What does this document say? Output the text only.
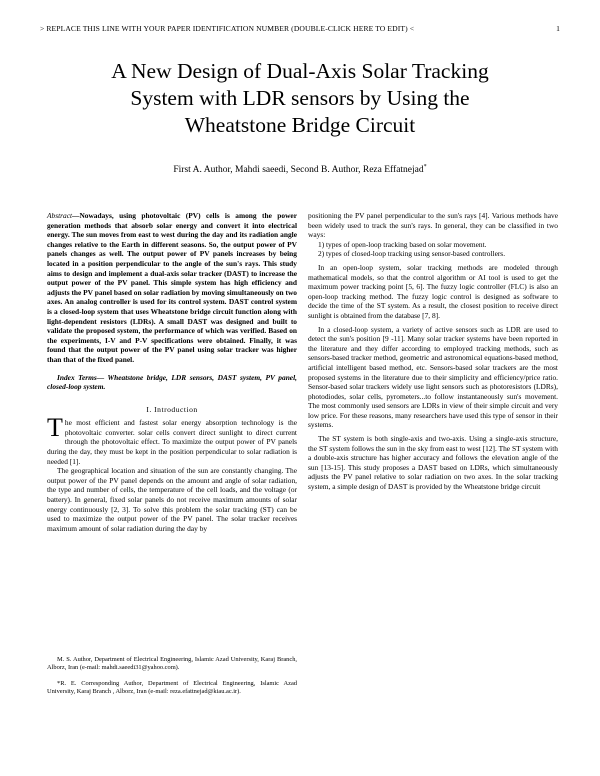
> REPLACE THIS LINE WITH YOUR PAPER IDENTIFICATION NUMBER (DOUBLE-CLICK HERE TO EDIT) <	1
A New Design of Dual-Axis Solar Tracking
System with LDR sensors by Using the
Wheatstone Bridge Circuit
First A. Author, Mahdi saeedi, Second B. Author, Reza Effatnejad*

Abstract—Nowadays, using photovoltaic (PV) cells is among the power generation methods that absorb solar energy and convert it into electrical energy. The sun moves from east to west during the day and its radiation angle changes relative to the Earth in different seasons. So, the output power of PV panels changes as well. The output power of PV panels increases by being located in a position perpendicular to the angle of the sun's rays. This study aims to design and implement a dual-axis solar tracker (DAST) to increase the output power of the PV panel. This simple system has high efficiency and adjusts the PV panel based on solar radiation by moving simultaneously on two axes. An analog controller is used for its control system. DAST control system is a closed-loop system that uses Wheatstone bridge circuit function along with light-dependent resistors (LDRs). A small DAST was designed and built to validate the proposed system, the performance of which was verified. Based on the experiments, I-V and P-V specifications were obtained. Finally, it was found that the output power of the PV panel using solar tracker was higher than that of the fixed panel.

Index Terms— Wheatstone bridge, LDR sensors, DAST system, PV panel, closed-loop system.

I. Introduction

The most efficient and fastest solar energy absorption technology is the photovoltaic converter. solar cells convert direct sunlight to direct current through the photovoltaic effect. To maximize the output power of PV panels during the day, they must be kept in the position perpendicular to solar radiation is needed [1].

The geographical location and situation of the sun are constantly changing. The output power of the PV panel depends on the amount and angle of solar radiation, the type and number of cells, the temperature of the cell loads, and the voltage (or battery). In general, fixed solar panels do not receive maximum amounts of solar energy continuously [2, 3]. To solve this problem the solar tracking (ST) can be used to maximize the output power of the PV panel. The solar tracker receives maximum amount of solar radiation during the day by

positioning the PV panel perpendicular to the sun's rays [4]. Various methods have been widely used to track the sun's rays. In general, they can be classified in two ways:

1) types of open-loop tracking based on solar movement.

2) types of closed-loop tracking using sensor-based controllers.

In an open-loop system, solar tracking methods are modeled through mathematical models, so that the control algorithm or AI tool is used to get the maximum power tracking point [5, 6]. The fuzzy logic controller (FLC) is also an open-loop tracking method. The fuzzy logic control is designed as software to decide the time of the ST system. As a result, the closest position to receive direct sunlight is obtained from the database [7, 8].

In a closed-loop system, a variety of active sensors such as LDR are used to detect the sun's position [9 -11]. Many solar tracker systems have been reported in the literature and they differ according to employed tracking methods, such as sensors-based tracker method, geometric and astronomical equations-based method, artificial intelligent based method, etc. Sensors-based solar trackers are the most proposed systems in the literature due to their simplicity and efficiency/price ratio. Sensor-based solar trackers widely use light sensors such as photoresistors (LDRs), photodiodes, solar cells, pyrometers...to follow instantaneously sun's movement. The most commonly used sensors are LDRs in view of their simple circuit and very low price. For these reasons, many researchers have used this type of sensor in their systems.

The ST system is both single-axis and two-axis. Using a single-axis structure, the ST system follows the sun in the sky from east to west [12]. The ST system with a double-axis structure has higher accuracy and follows the elevation angle of the sun [13-15]. This study proposes a DAST based on LDRs, which simultaneously adjusts the PV panel relative to solar radiation on two axes. In the solar tracking system, a simple design of DAST is provided by the Wheatstone bridge circuit

M. S. Author, Department of Electrical Engineering, Islamic Azad University, Karaj Branch, Alborz, Iran (e-mail: mahdi.saeedi31@yahoo.com).

*R. E. Corresponding Author, Department of Electrical Engineering, Islamic Azad University, Karaj Branch , Alborz, Iran (e-mail: reza.efattnejad@kiau.ac.ir).
